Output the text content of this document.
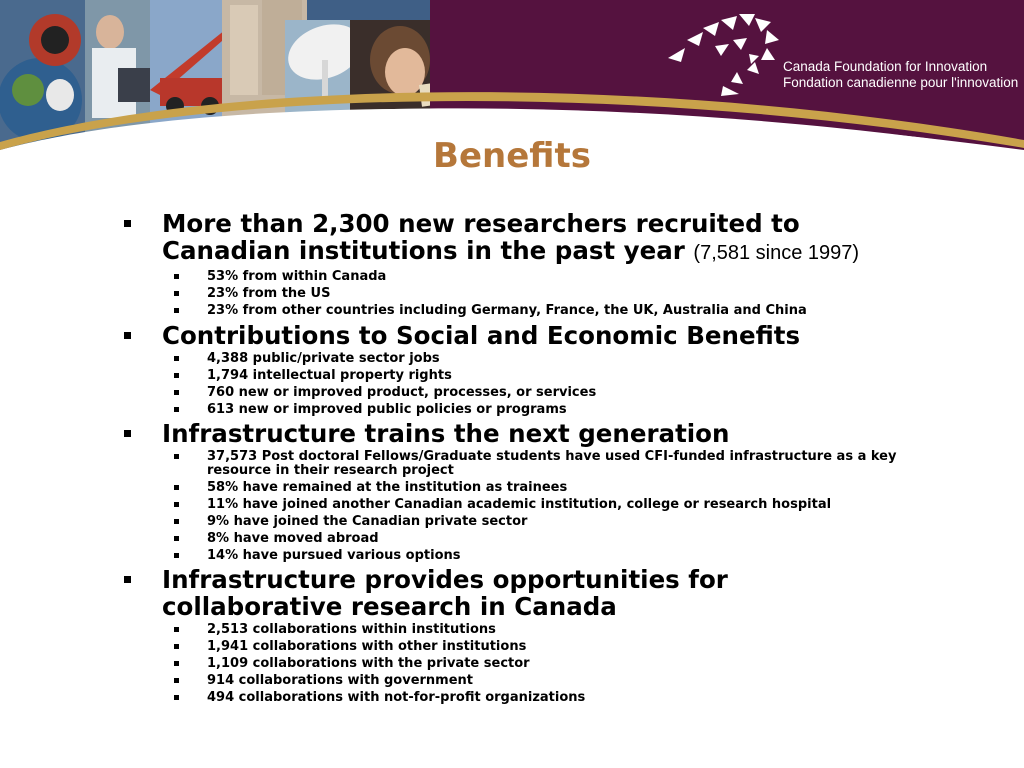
Canada Foundation for Innovation
Fondation canadienne pour l'innovation
Benefits
More than 2,300 new researchers recruited to Canadian institutions in the past year (7,581 since 1997)
53% from within Canada
23% from the US
23% from other countries including Germany, France, the UK, Australia and China
Contributions to Social and Economic Benefits
4,388 public/private sector jobs
1,794 intellectual property rights
760 new or improved product, processes, or services
613 new or improved public policies or programs
Infrastructure trains the next generation
37,573 Post doctoral Fellows/Graduate students have used CFI-funded infrastructure as a key resource in their research project
58% have remained at the institution as trainees
11% have joined another Canadian academic institution, college or research hospital
9% have joined the Canadian private sector
8% have moved abroad
14% have pursued various options
Infrastructure provides opportunities for collaborative research in Canada
2,513 collaborations within institutions
1,941 collaborations with other institutions
1,109 collaborations with the private sector
914 collaborations with government
494 collaborations with not-for-profit organizations
